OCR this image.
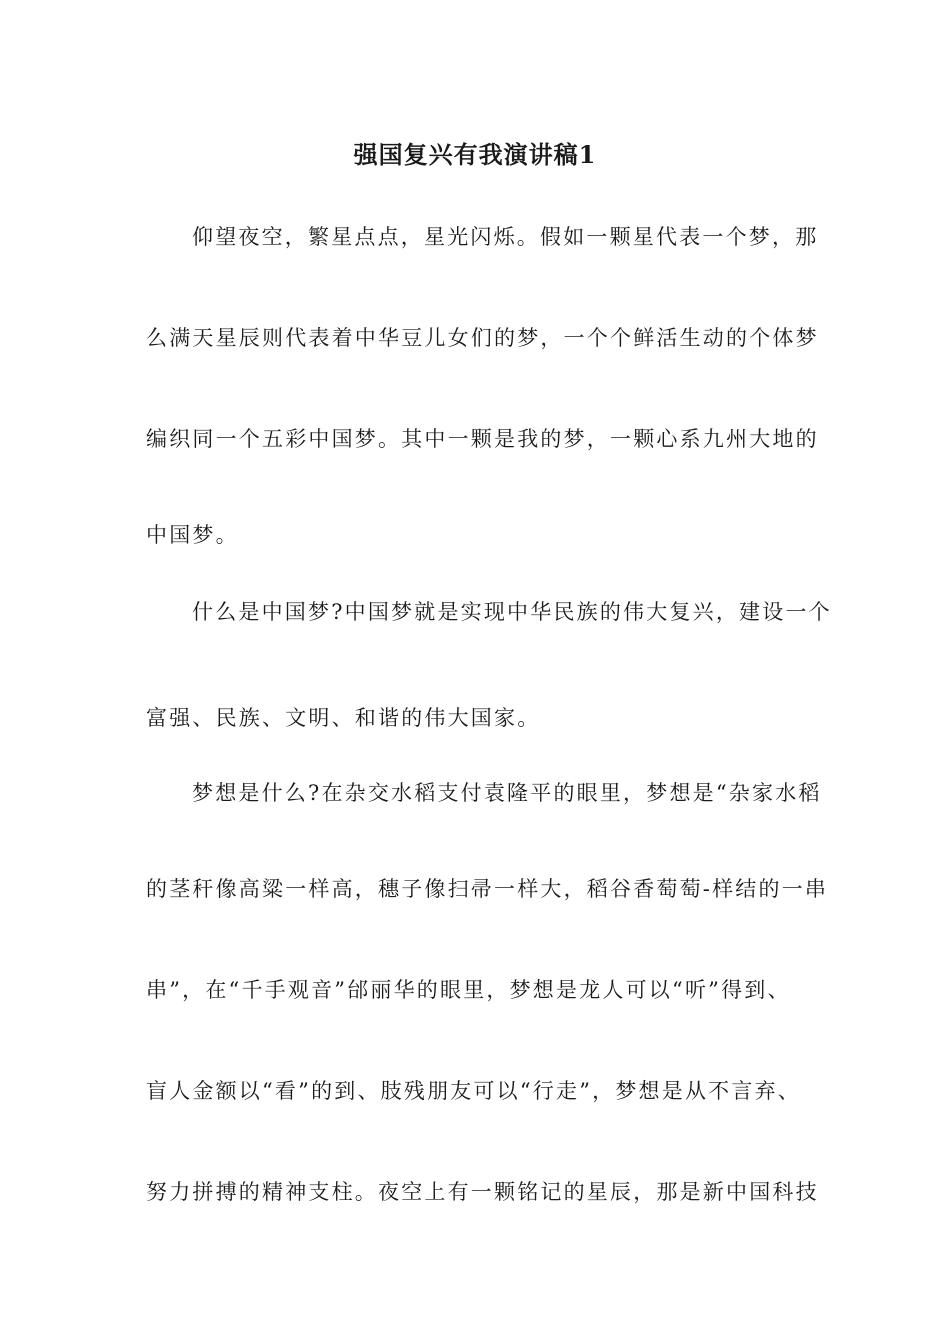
强国复兴有我演讲稿1

仰望夜空，繁星点点，星光闪烁。假如一颗星代表一个梦，那

么满天星辰则代表着中华豆儿女们的梦，一个个鲜活生动的个体梦

编织同一个五彩中国梦。其中一颗是我的梦，一颗心系九州大地的

中国梦。

什么是中国梦?中国梦就是实现中华民族的伟大复兴，建设一个

富强、民族、文明、和谐的伟大国家。

梦想是什么?在杂交水稻支付袁隆平的眼里，梦想是“杂家水稻

的茎秆像高粱一样高，穗子像扫帚一样大，稻谷香萄萄-样结的一串

串”，在“千手观音”邰丽华的眼里，梦想是龙人可以“听”得到、

盲人金额以“看”的到、肢残朋友可以“行走”，梦想是从不言弃、

努力拼搏的精神支柱。夜空上有一颗铭记的星辰，那是新中国科技
